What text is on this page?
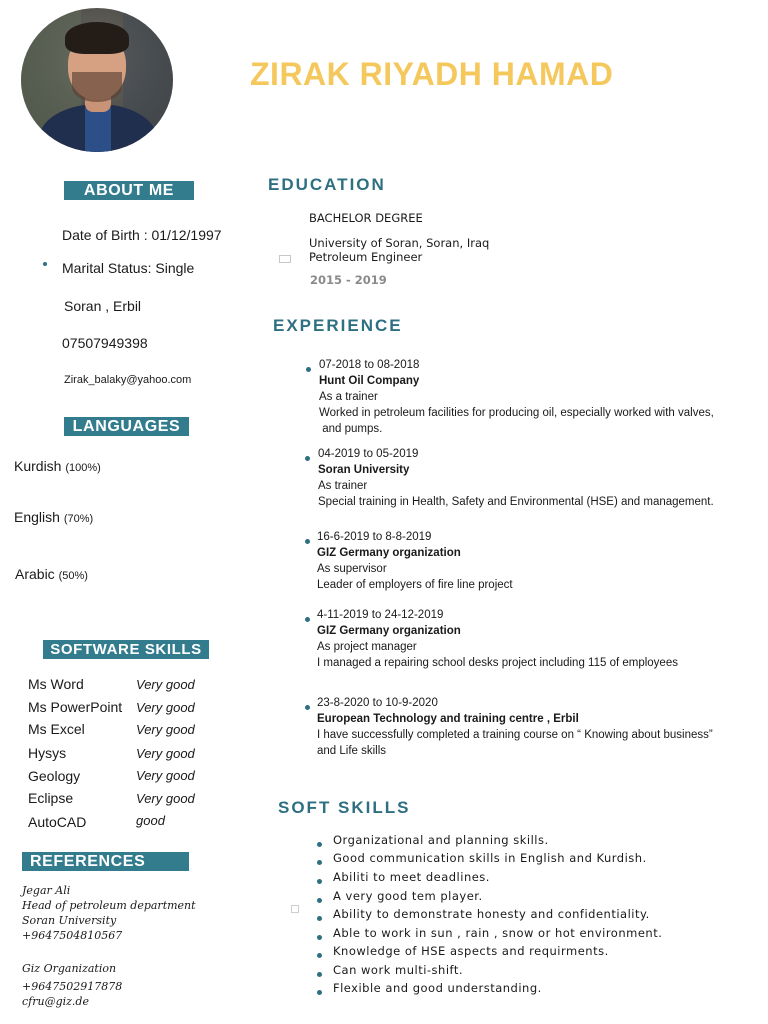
ZIRAK RIYADH HAMAD
ABOUT ME
Date of Birth : 01/12/1997
Marital Status: Single
Soran , Erbil
07507949398
Zirak_balaky@yahoo.com
LANGUAGES
Kurdish (100%)
English (70%)
Arabic (50%)
SOFTWARE SKILLS
Ms Word	Very good
Ms PowerPoint Very good
Ms Excel	Very good
Hysys	Very good
Geology	Very good
Eclipse	Very good
AutoCAD	good
REFERENCES
Jegar Ali
Head of petroleum department
Soran University
+9647504810567
Giz Organization
+9647502917878
cfru@giz.de
EDUCATION
BACHELOR DEGREE
University of Soran, Soran, Iraq
Petroleum Engineer
2015 - 2019
EXPERIENCE
07-2018 to 08-2018
Hunt Oil Company
As a trainer
Worked in petroleum facilities for producing oil, especially worked with valves,
and pumps.
04-2019 to 05-2019
Soran University
As trainer
Special training in Health, Safety and Environmental (HSE) and management.
16-6-2019 to 8-8-2019
GIZ Germany organization
As supervisor
Leader of employers of fire line project
4-11-2019 to 24-12-2019
GIZ Germany organization
As project manager
I managed a repairing school desks project including 115 of employees
23-8-2020 to 10-9-2020
European Technology and training centre , Erbil
I have successfully completed a training course on “ Knowing about business”
and Life skills
SOFT SKILLS
Organizational and planning skills.
Good communication skills in English and Kurdish.
Abiliti to meet deadlines.
A very good tem player.
Ability to demonstrate honesty and confidentiality.
Able to work in sun , rain , snow or hot environment.
Knowledge of HSE aspects and requirments.
Can work multi-shift.
Flexible and good understanding.
